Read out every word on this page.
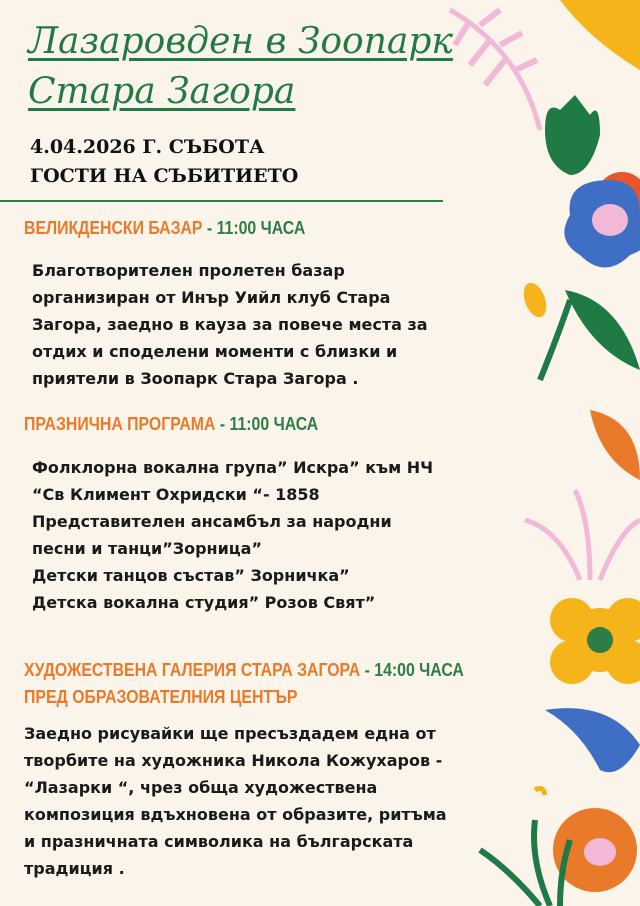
Лазаровден в Зоопарк
Стара Загора
4.04.2026 Г. СЪБОТА
ГОСТИ НА СЪБИТИЕТО
ВЕЛИКДЕНСКИ БАЗАР - 11:00 ЧАСА
Благотворителен пролетен базар
организиран от Инър Уийл клуб Стара
Загора, заедно в кауза за повече места за
отдих и споделени моменти с близки и
приятели в Зоопарк Стара Загора .
ПРАЗНИЧНА ПРОГРАМА - 11:00 ЧАСА
Фолклорна вокална група” Искра” към НЧ
“Св Климент Охридски “- 1858
Представителен ансамбъл за народни
песни и танци”Зорница”
Детски танцов състав” Зорничка”
Детска вокална студия” Розов Свят”
ХУДОЖЕСТВЕНА ГАЛЕРИЯ СТАРА ЗАГОРА - 14:00 ЧАСА
ПРЕД ОБРАЗОВАТЕЛНИЯ ЦЕНТЪР
Заедно рисувайки ще пресъздадем една от
творбите на художника Никола Кожухаров -
“Лазарки “, чрез обща художествена
композиция вдъхновена от образите, ритъма
и празничната символика на българската
традиция .
